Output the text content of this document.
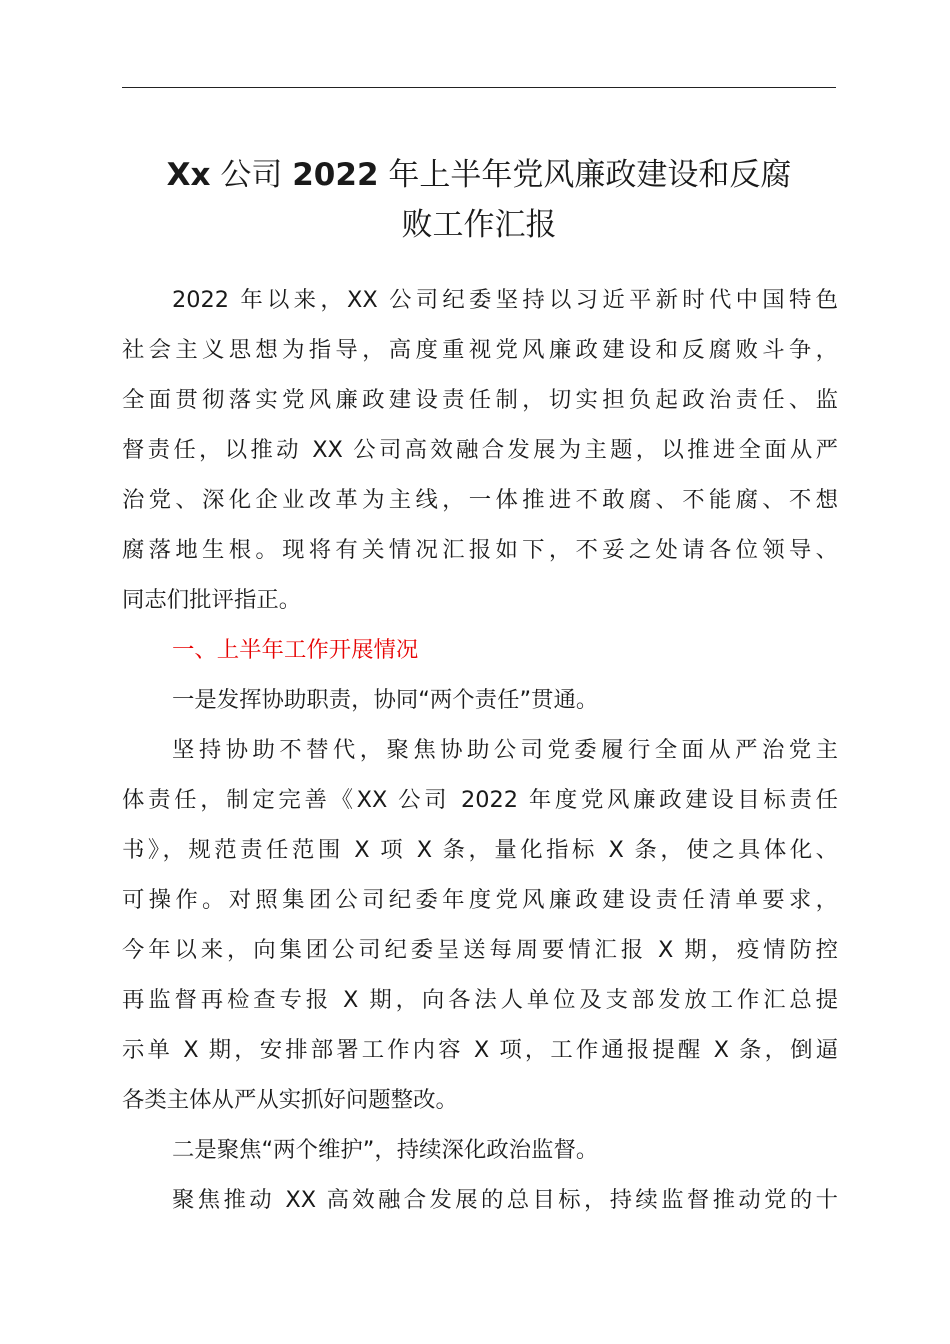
Xx 公司 2022 年上半年党风廉政建设和反腐
败工作汇报
2022 年以来，XX 公司纪委坚持以习近平新时代中国特色
社会主义思想为指导，高度重视党风廉政建设和反腐败斗争，
全面贯彻落实党风廉政建设责任制，切实担负起政治责任、监
督责任，以推动 XX 公司高效融合发展为主题，以推进全面从严
治党、深化企业改革为主线，一体推进不敢腐、不能腐、不想
腐落地生根。现将有关情况汇报如下，不妥之处请各位领导、
同志们批评指正。
一、上半年工作开展情况
一是发挥协助职责，协同“两个责任”贯通。
坚持协助不替代，聚焦协助公司党委履行全面从严治党主
体责任，制定完善《XX 公司 2022 年度党风廉政建设目标责任
书》，规范责任范围 X 项 X 条，量化指标 X 条，使之具体化、
可操作。对照集团公司纪委年度党风廉政建设责任清单要求，
今年以来，向集团公司纪委呈送每周要情汇报 X 期，疫情防控
再监督再检查专报 X 期，向各法人单位及支部发放工作汇总提
示单 X 期，安排部署工作内容 X 项，工作通报提醒 X 条，倒逼
各类主体从严从实抓好问题整改。
二是聚焦“两个维护”，持续深化政治监督。
聚焦推动 XX 高效融合发展的总目标，持续监督推动党的十
